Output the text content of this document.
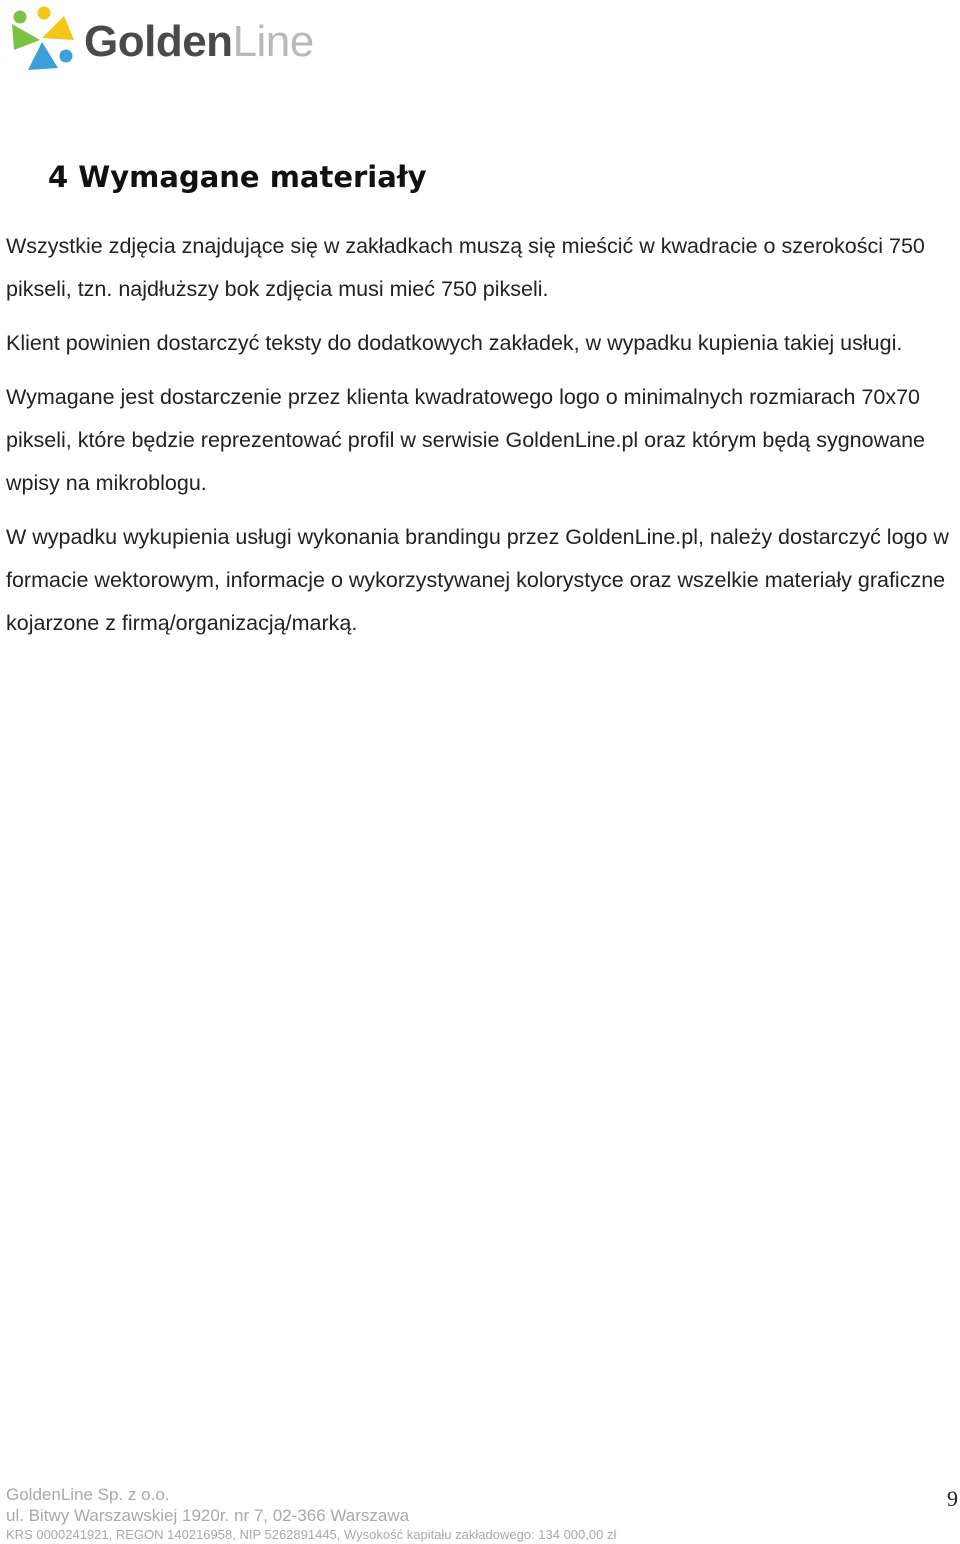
GoldenLine
4 Wymagane materiały

Wszystkie zdjęcia znajdujące się w zakładkach muszą się mieścić w kwadracie o szerokości 750 pikseli, tzn. najdłuższy bok zdjęcia musi mieć 750 pikseli.

Klient powinien dostarczyć teksty do dodatkowych zakładek, w wypadku kupienia takiej usługi.

Wymagane jest dostarczenie przez klienta kwadratowego logo o minimalnych rozmiarach 70x70 pikseli, które będzie reprezentować profil w serwisie GoldenLine.pl oraz którym będą sygnowane wpisy na mikroblogu.

W wypadku wykupienia usługi wykonania brandingu przez GoldenLine.pl, należy dostarczyć logo w formacie wektorowym, informacje o wykorzystywanej kolorystyce oraz wszelkie materiały graficzne kojarzone z firmą/organizacją/marką.

GoldenLine Sp. z o.o.
ul. Bitwy Warszawskiej 1920r. nr 7, 02-366 Warszawa
KRS 0000241921, REGON 140216958, NIP 5262891445, Wysokość kapitału zakładowego: 134 000,00 zł
9
